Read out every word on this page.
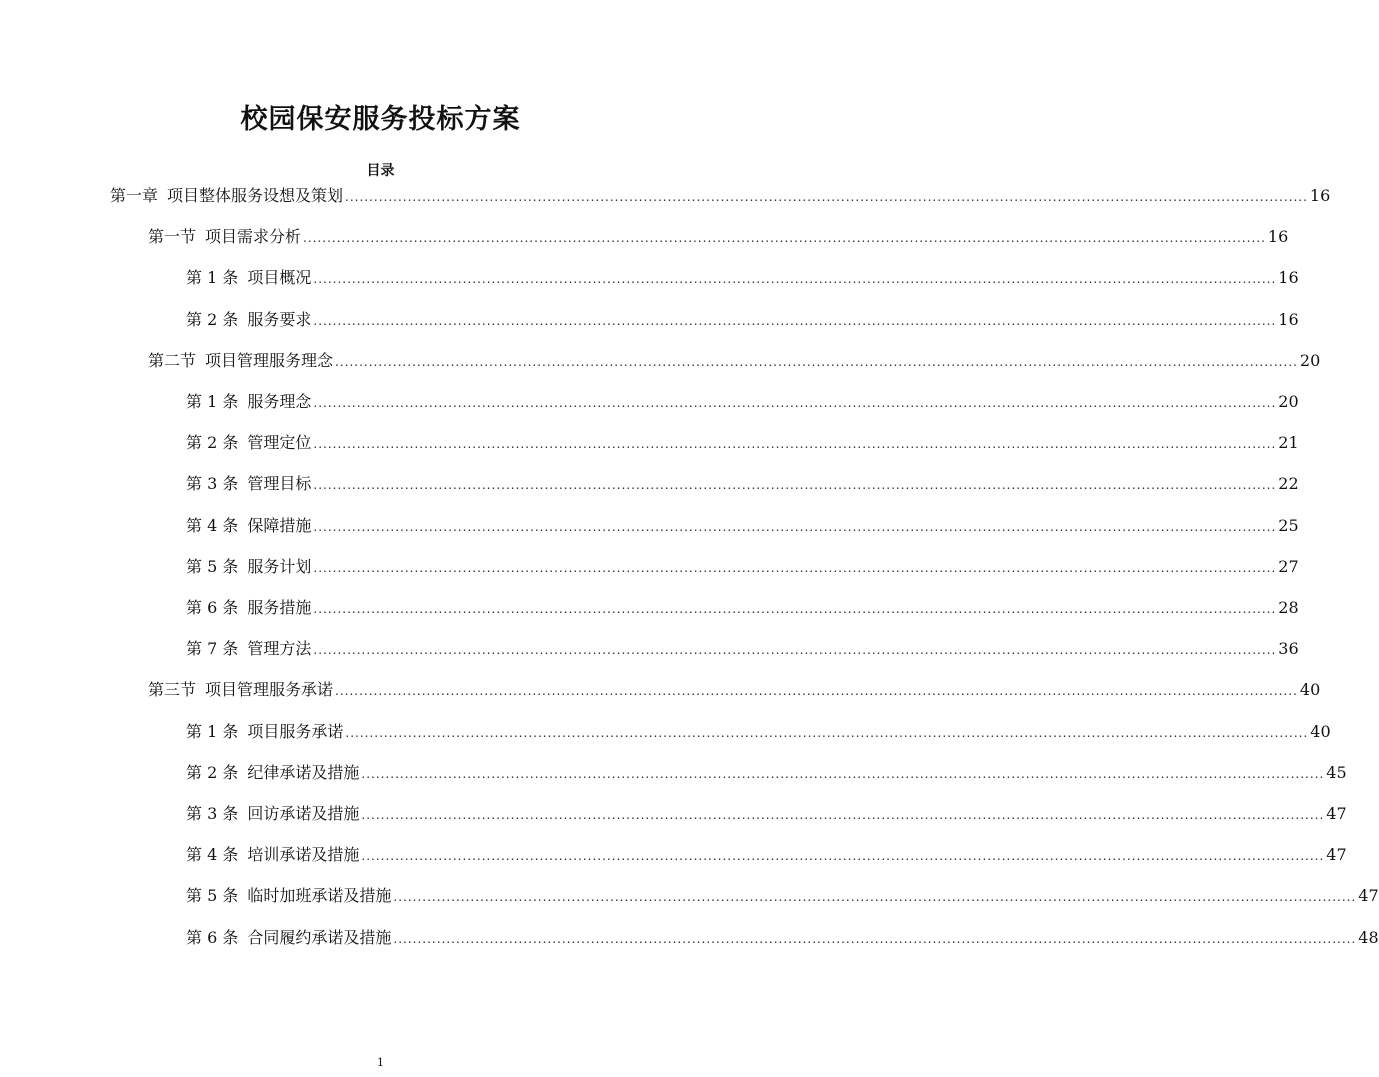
校园保安服务投标方案
目录
第一章 项目整体服务设想及策划 ........................................................................................................................................................................................................ 16
第一节 项目需求分析 ........................................................................................................................................................................................................ 16
第 1 条 项目概况 ........................................................................................................................................................................................................ 16
第 2 条 服务要求 ........................................................................................................................................................................................................ 16
第二节 项目管理服务理念 ........................................................................................................................................................................................................ 20
第 1 条 服务理念 ........................................................................................................................................................................................................ 20
第 2 条 管理定位 ........................................................................................................................................................................................................ 21
第 3 条 管理目标 ........................................................................................................................................................................................................ 22
第 4 条 保障措施 ........................................................................................................................................................................................................ 25
第 5 条 服务计划 ........................................................................................................................................................................................................ 27
第 6 条 服务措施 ........................................................................................................................................................................................................ 28
第 7 条 管理方法 ........................................................................................................................................................................................................ 36
第三节 项目管理服务承诺 ........................................................................................................................................................................................................ 40
第 1 条 项目服务承诺 ........................................................................................................................................................................................................ 40
第 2 条 纪律承诺及措施 ........................................................................................................................................................................................................ 45
第 3 条 回访承诺及措施 ........................................................................................................................................................................................................ 47
第 4 条 培训承诺及措施 ........................................................................................................................................................................................................ 47
第 5 条 临时加班承诺及措施 ........................................................................................................................................................................................................ 47
第 6 条 合同履约承诺及措施 ........................................................................................................................................................................................................ 48
1
